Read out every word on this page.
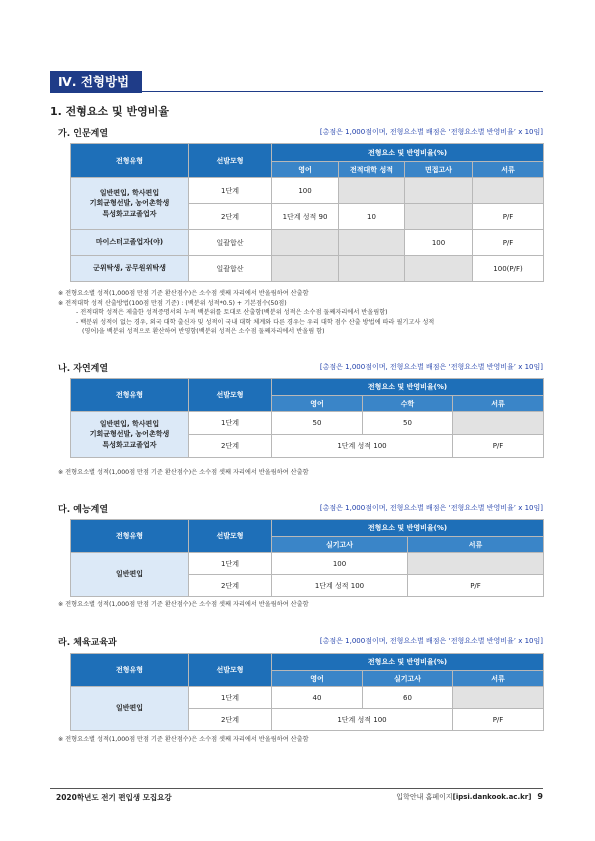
Ⅳ. 전형방법
1. 전형요소 및 반영비율
가. 인문계열	[총점은 1,000점이며, 전형요소별 배점은 ‘전형요소별 반영비율’ x 10임]
전형유형	선발모형	전형요소 및 반영비율(%)			
		영어	전적대학 성적	면접고사	서류
일반편입, 학사편입
기회균형선발, 농어촌학생
특성화고교졸업자	1단계	100			
	2단계	1단계 성적 90	10		P/F
마이스터고졸업자(야)	일괄합산			100	P/F
군위탁생, 공무원위탁생	일괄합산				100(P/F)
※ 전형요소별 성적(1,000점 만점 기준 환산점수)은 소수점 셋째 자리에서 반올림하여 산출함
※ 전적대학 성적 산출방법(100점 만점 기준) : (백분위 성적*0.5) + 기본점수(50점)
- 전적대학 성적은 제출한 성적증명서의 누적 백분위를 토대로 산출함(백분위 성적은 소수점 둘째자리에서 반올림함)
- 백분위 성적이 없는 경우, 외국 대학 출신자 및 성적이 국내 대학 체계와 다른 경우는 우리 대학 점수 산출 방법에 따라 필기고사 성적
(영어)을 백분위 성적으로 환산하여 반영함(백분위 성적은 소수점 둘째자리에서 반올림 함)
나. 자연계열	[총점은 1,000점이며, 전형요소별 배점은 ‘전형요소별 반영비율’ x 10임]
전형유형	선발모형	전형요소 및 반영비율(%)		
		영어	수학	서류
일반편입, 학사편입
기회균형선발, 농어촌학생
특성화고교졸업자	1단계	50	50	
	2단계	1단계 성적 100		P/F
※ 전형요소별 성적(1,000점 만점 기준 환산점수)은 소수점 셋째 자리에서 반올림하여 산출함
다. 예능계열	[총점은 1,000점이며, 전형요소별 배점은 ‘전형요소별 반영비율’ x 10임]
전형유형	선발모형	전형요소 및 반영비율(%)	
		실기고사	서류
일반편입	1단계	100	
	2단계	1단계 성적 100	P/F
※ 전형요소별 성적(1,000점 만점 기준 환산점수)은 소수점 셋째 자리에서 반올림하여 산출함
라. 체육교육과	[총점은 1,000점이며, 전형요소별 배점은 ‘전형요소별 반영비율’ x 10임]
전형유형	선발모형	전형요소 및 반영비율(%)		
		영어	실기고사	서류
일반편입	1단계	40	60	
	2단계	1단계 성적 100		P/F
※ 전형요소별 성적(1,000점 만점 기준 환산점수)은 소수점 셋째 자리에서 반올림하여 산출함
2020학년도 전기 편입생 모집요강	입학안내 홈페이지[ipsi.dankook.ac.kr] 9
